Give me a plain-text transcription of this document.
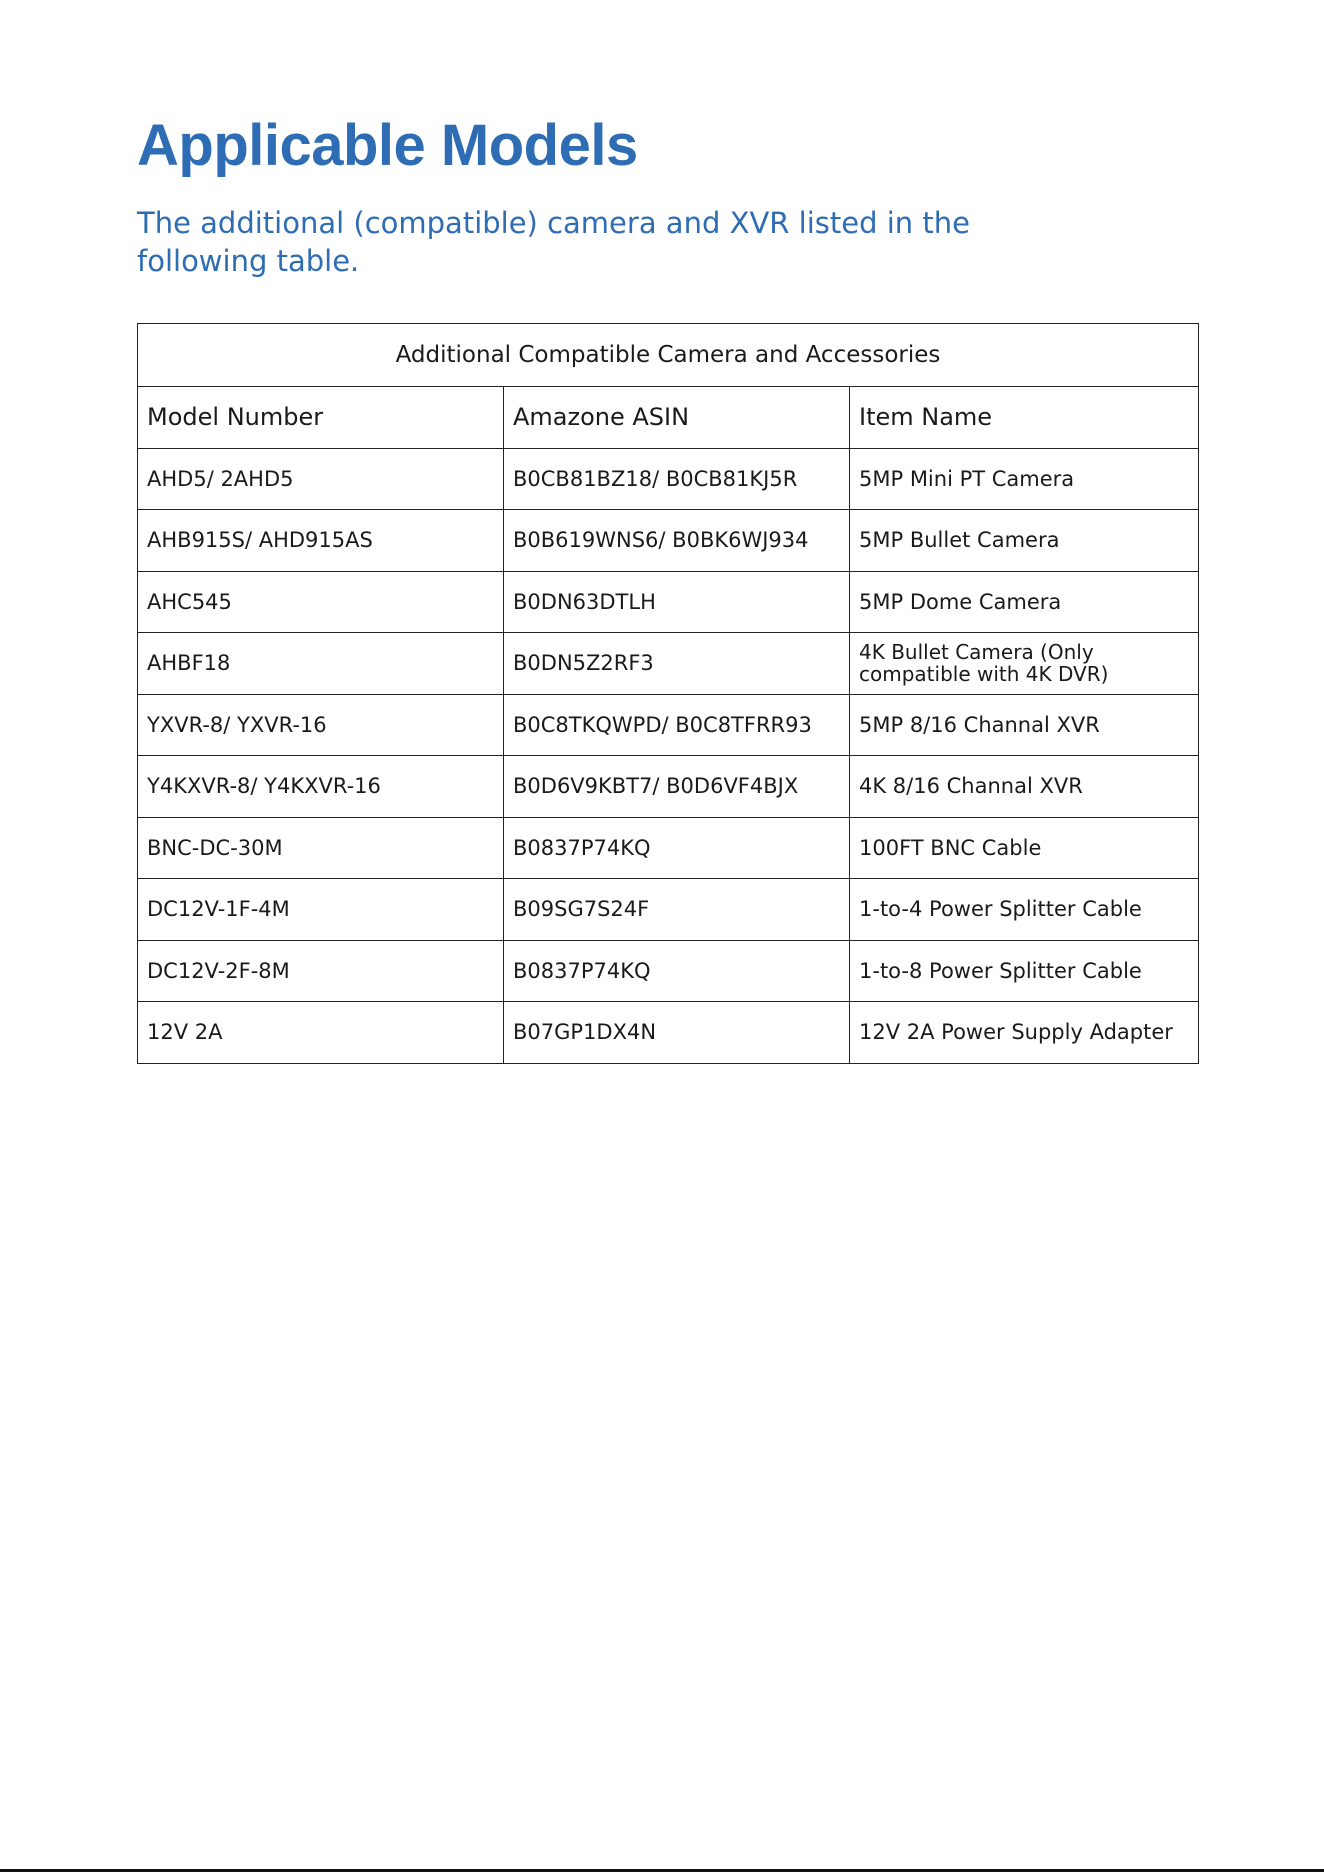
Applicable Models

The additional (compatible) camera and XVR listed in the following table.

Additional Compatible Camera and Accessories		
Model Number	Amazone ASIN	Item Name
AHD5/ 2AHD5	B0CB81BZ18/ B0CB81KJ5R	5MP Mini PT Camera
AHB915S/ AHD915AS	B0B619WNS6/ B0BK6WJ934	5MP Bullet Camera
AHC545	B0DN63DTLH	5MP Dome Camera
AHBF18	B0DN5Z2RF3	4K Bullet Camera (Only compatible with 4K DVR)
YXVR-8/ YXVR-16	B0C8TKQWPD/ B0C8TFRR93	5MP 8/16 Channal XVR
Y4KXVR-8/ Y4KXVR-16	B0D6V9KBT7/ B0D6VF4BJX	4K 8/16 Channal XVR
BNC-DC-30M	B0837P74KQ	100FT BNC Cable
DC12V-1F-4M	B09SG7S24F	1-to-4 Power Splitter Cable
DC12V-2F-8M	B0837P74KQ	1-to-8 Power Splitter Cable
12V 2A	B07GP1DX4N	12V 2A Power Supply Adapter
